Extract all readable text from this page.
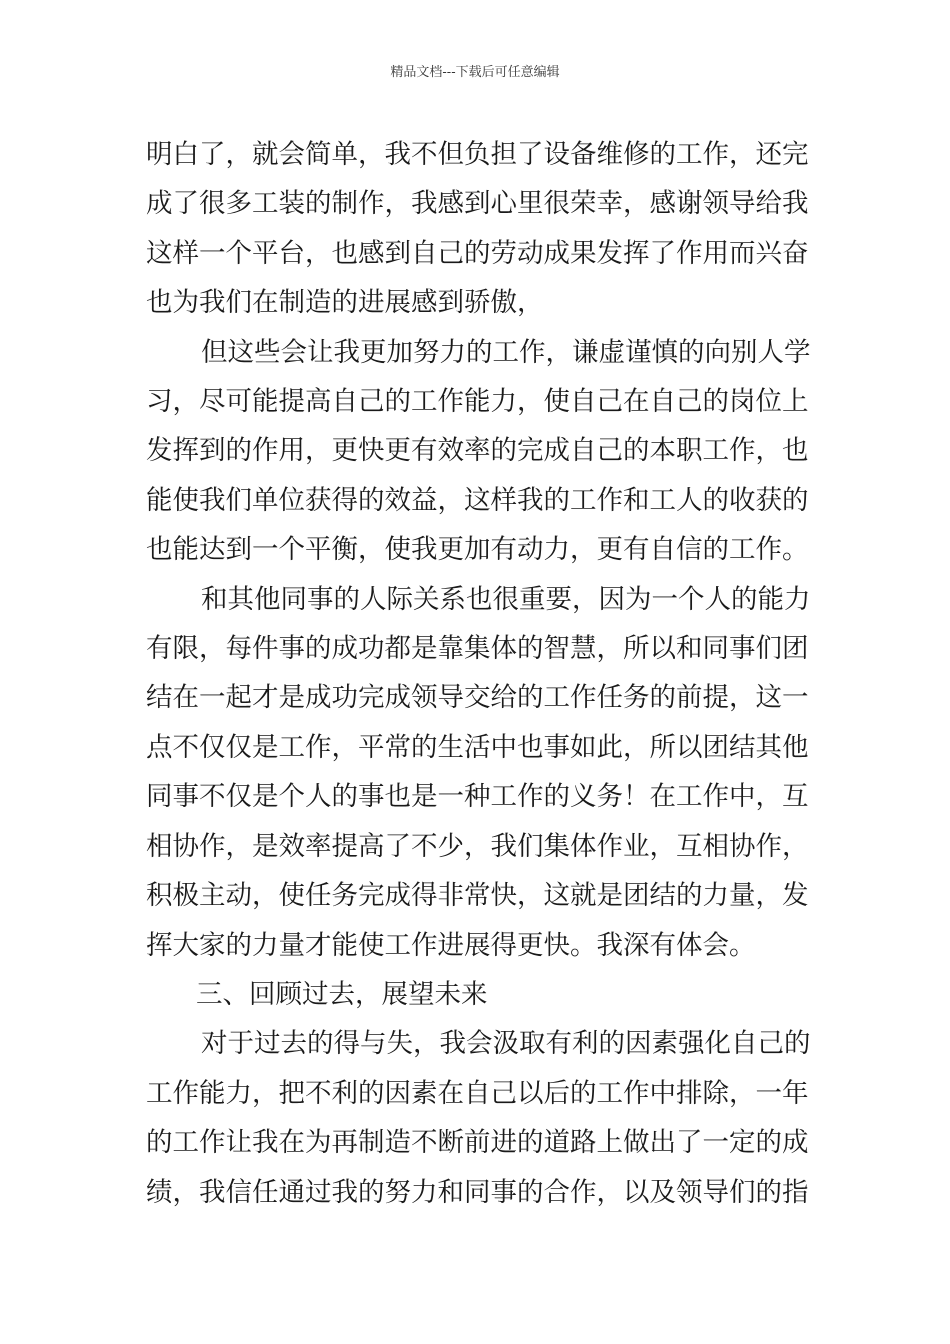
精品文档---下载后可任意编辑
明白了，就会简单，我不但负担了设备维修的工作，还完
成了很多工装的制作，我感到心里很荣幸，感谢领导给我
这样一个平台，也感到自己的劳动成果发挥了作用而兴奋
也为我们在制造的进展感到骄傲，
但这些会让我更加努力的工作，谦虚谨慎的向别人学
习，尽可能提高自己的工作能力，使自己在自己的岗位上
发挥到的作用，更快更有效率的完成自己的本职工作，也
能使我们单位获得的效益，这样我的工作和工人的收获的
也能达到一个平衡，使我更加有动力，更有自信的工作。
和其他同事的人际关系也很重要，因为一个人的能力
有限，每件事的成功都是靠集体的智慧，所以和同事们团
结在一起才是成功完成领导交给的工作任务的前提，这一
点不仅仅是工作，平常的生活中也事如此，所以团结其他
同事不仅是个人的事也是一种工作的义务！在工作中，互
相协作，是效率提高了不少，我们集体作业，互相协作，
积极主动，使任务完成得非常快，这就是团结的力量，发
挥大家的力量才能使工作进展得更快。我深有体会。
三、回顾过去，展望未来
对于过去的得与失，我会汲取有利的因素强化自己的
工作能力，把不利的因素在自己以后的工作中排除，一年
的工作让我在为再制造不断前进的道路上做出了一定的成
绩，我信任通过我的努力和同事的合作，以及领导们的指
